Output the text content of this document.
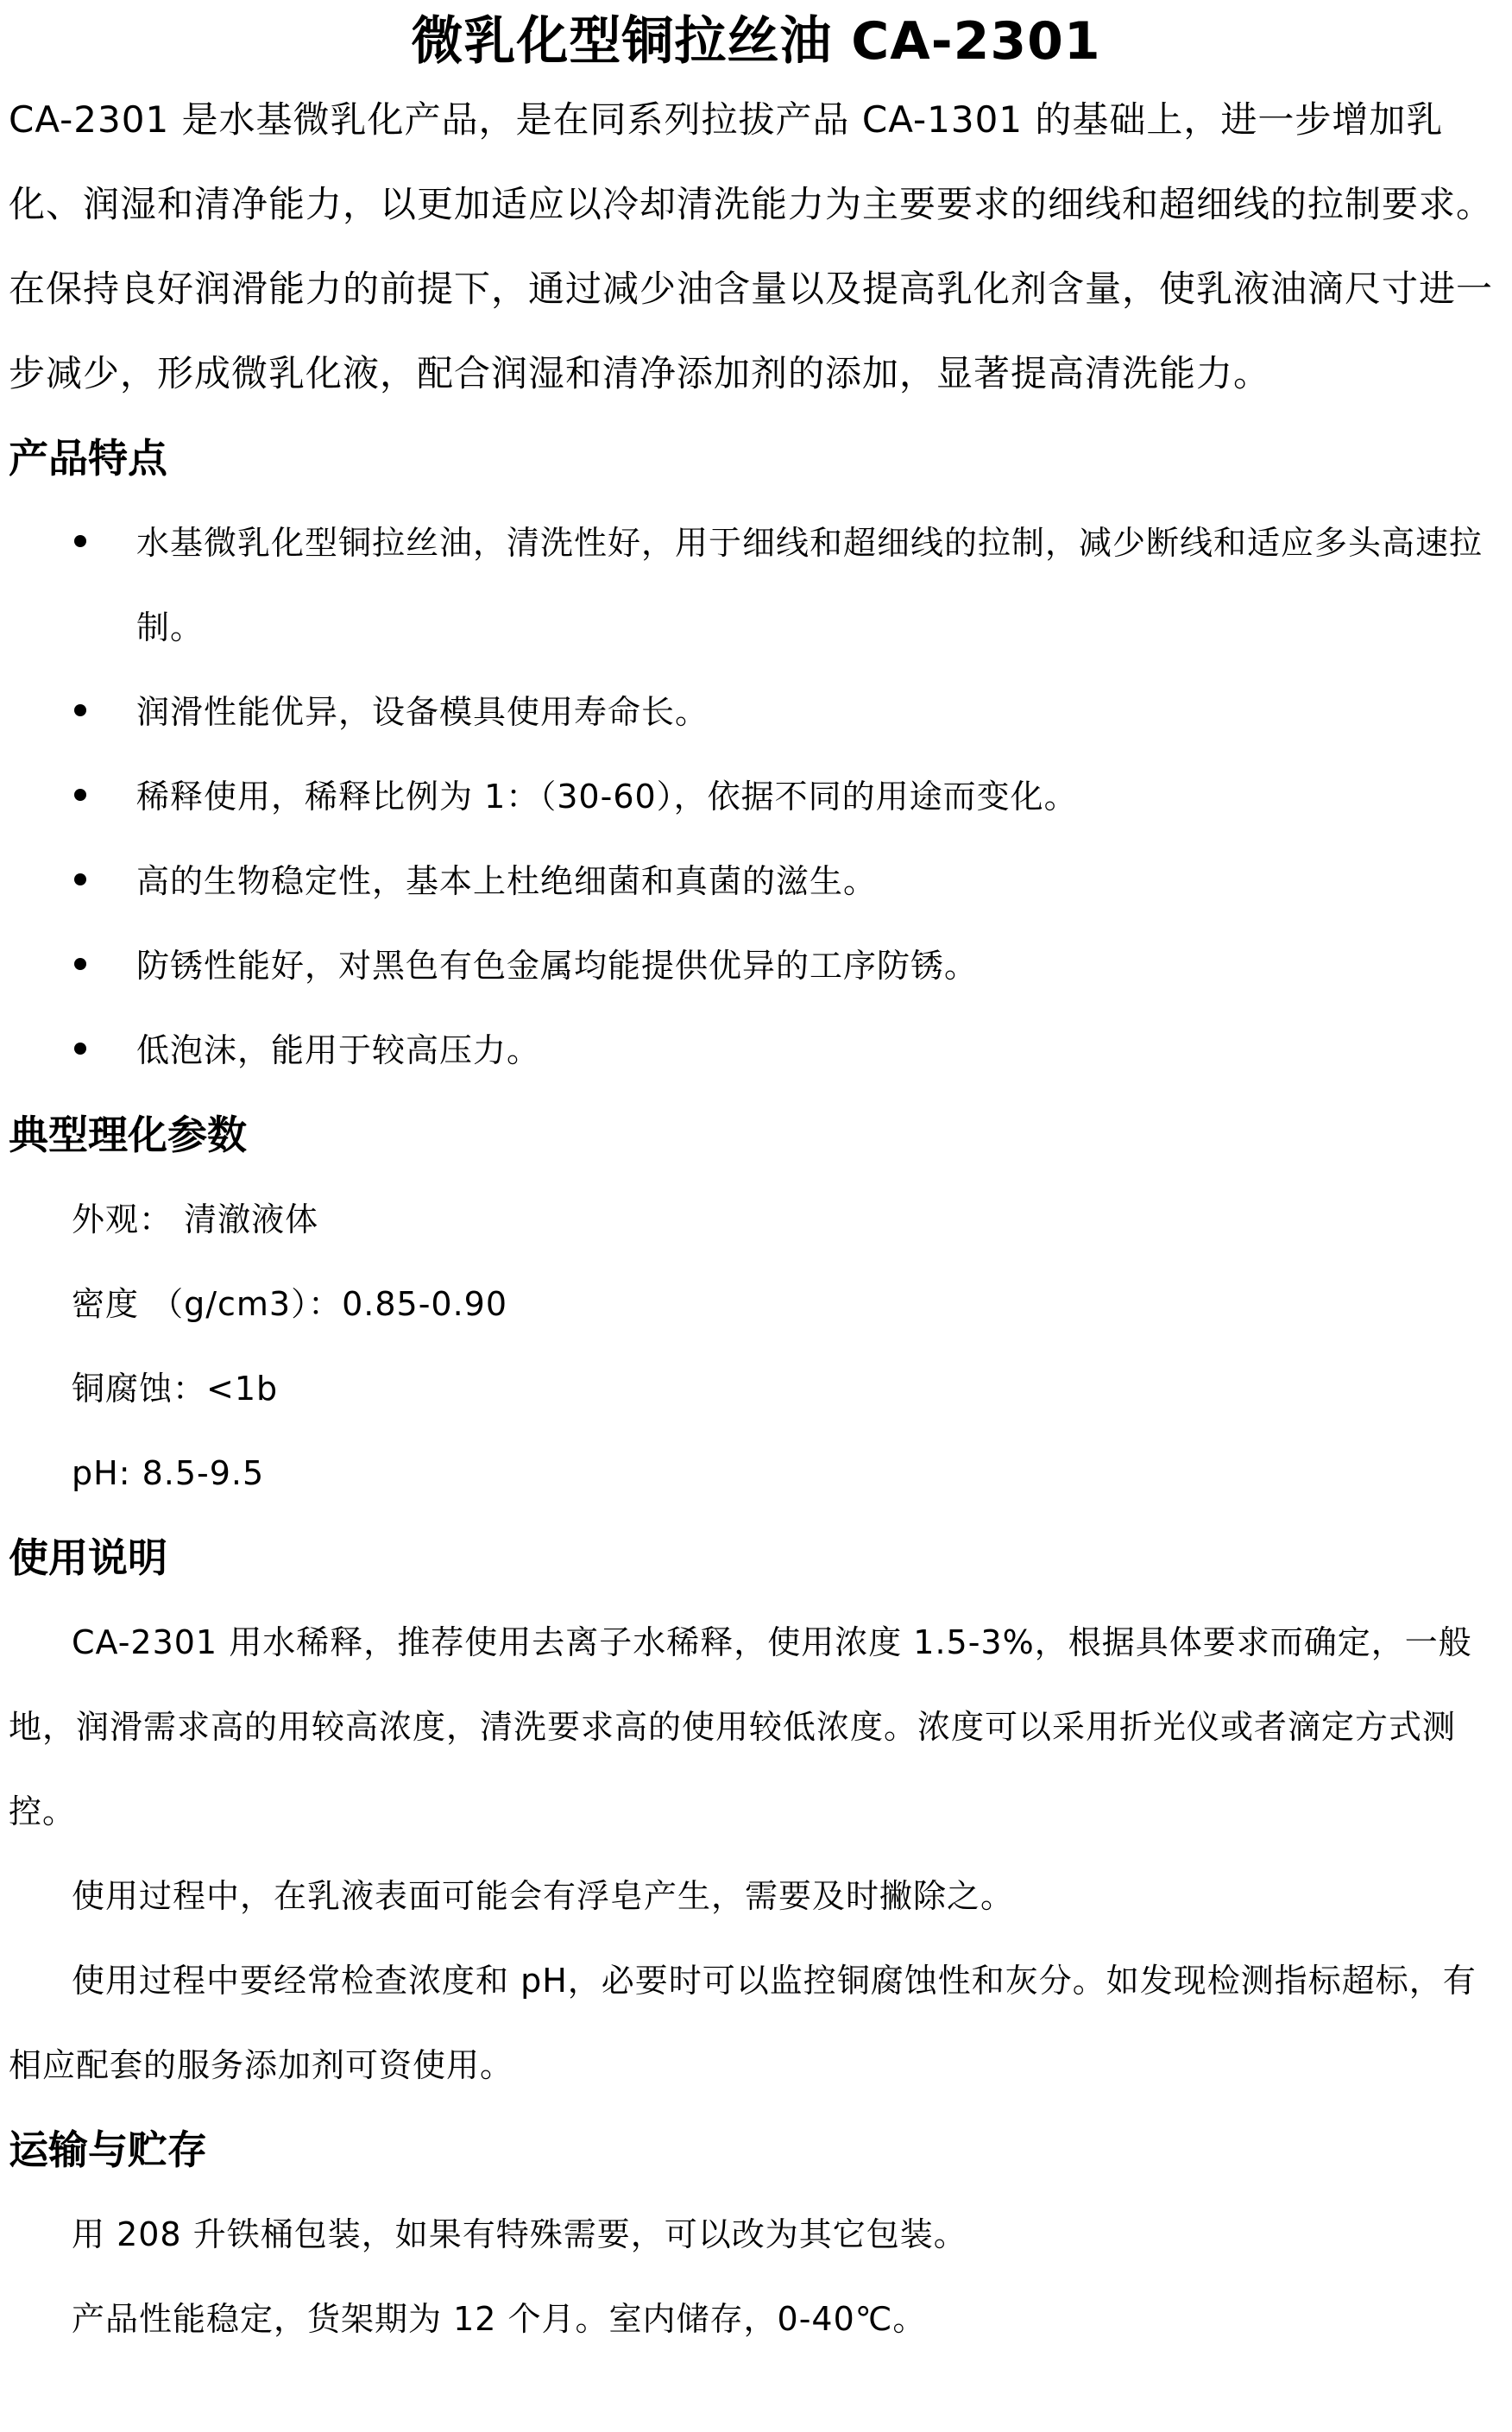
微乳化型铜拉丝油 CA-2301

CA-2301 是水基微乳化产品，是在同系列拉拔产品 CA-1301 的基础上，进一步增加乳化、润湿和清净能力，以更加适应以冷却清洗能力为主要要求的细线和超细线的拉制要求。在保持良好润滑能力的前提下，通过减少油含量以及提高乳化剂含量，使乳液油滴尺寸进一步减少，形成微乳化液，配合润湿和清净添加剂的添加，显著提高清洗能力。

产品特点
水基微乳化型铜拉丝油，清洗性好，用于细线和超细线的拉制，减少断线和适应多头高速拉制。
润滑性能优异，设备模具使用寿命长。
稀释使用，稀释比例为 1：（30-60），依据不同的用途而变化。
高的生物稳定性，基本上杜绝细菌和真菌的滋生。
防锈性能好，对黑色有色金属均能提供优异的工序防锈。
低泡沫，能用于较高压力。
典型理化参数

外观： 清澈液体

密度 （g/cm3）：0.85-0.90

铜腐蚀：<1b

pH: 8.5-9.5

使用说明

CA-2301 用水稀释，推荐使用去离子水稀释，使用浓度 1.5-3%，根据具体要求而确定，一般地，润滑需求高的用较高浓度，清洗要求高的使用较低浓度。浓度可以采用折光仪或者滴定方式测控。

使用过程中，在乳液表面可能会有浮皂产生，需要及时撇除之。

使用过程中要经常检查浓度和 pH，必要时可以监控铜腐蚀性和灰分。如发现检测指标超标，有相应配套的服务添加剂可资使用。

运输与贮存

用 208 升铁桶包装，如果有特殊需要，可以改为其它包装。

产品性能稳定，货架期为 12 个月。室内储存，0-40℃。
